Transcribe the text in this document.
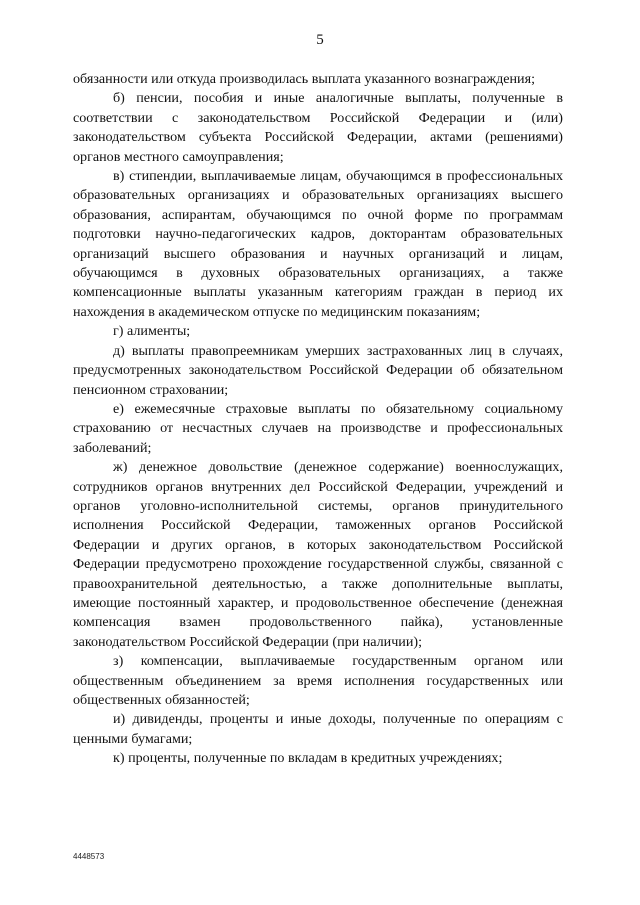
5

обязанности или откуда производилась выплата указанного вознаграждения;

б) пенсии, пособия и иные аналогичные выплаты, полученные в соответствии с законодательством Российской Федерации и (или) законодательством субъекта Российской Федерации, актами (решениями) органов местного самоуправления;

в) стипендии, выплачиваемые лицам, обучающимся в профессиональных образовательных организациях и образовательных организациях высшего образования, аспирантам, обучающимся по очной форме по программам подготовки научно-педагогических кадров, докторантам образовательных организаций высшего образования и научных организаций и лицам, обучающимся в духовных образовательных организациях, а также компенсационные выплаты указанным категориям граждан в период их нахождения в академическом отпуске по медицинским показаниям;

г) алименты;

д) выплаты правопреемникам умерших застрахованных лиц в случаях, предусмотренных законодательством Российской Федерации об обязательном пенсионном страховании;

е) ежемесячные страховые выплаты по обязательному социальному страхованию от несчастных случаев на производстве и профессиональных заболеваний;

ж) денежное довольствие (денежное содержание) военнослужащих, сотрудников органов внутренних дел Российской Федерации, учреждений и органов уголовно-исполнительной системы, органов принудительного исполнения Российской Федерации, таможенных органов Российской Федерации и других органов, в которых законодательством Российской Федерации предусмотрено прохождение государственной службы, связанной с правоохранительной деятельностью, а также дополнительные выплаты, имеющие постоянный характер, и продовольственное обеспечение (денежная компенсация взамен продовольственного пайка), установленные законодательством Российской Федерации (при наличии);

з) компенсации, выплачиваемые государственным органом или общественным объединением за время исполнения государственных или общественных обязанностей;

и) дивиденды, проценты и иные доходы, полученные по операциям с ценными бумагами;

к) проценты, полученные по вкладам в кредитных учреждениях;

4448573
